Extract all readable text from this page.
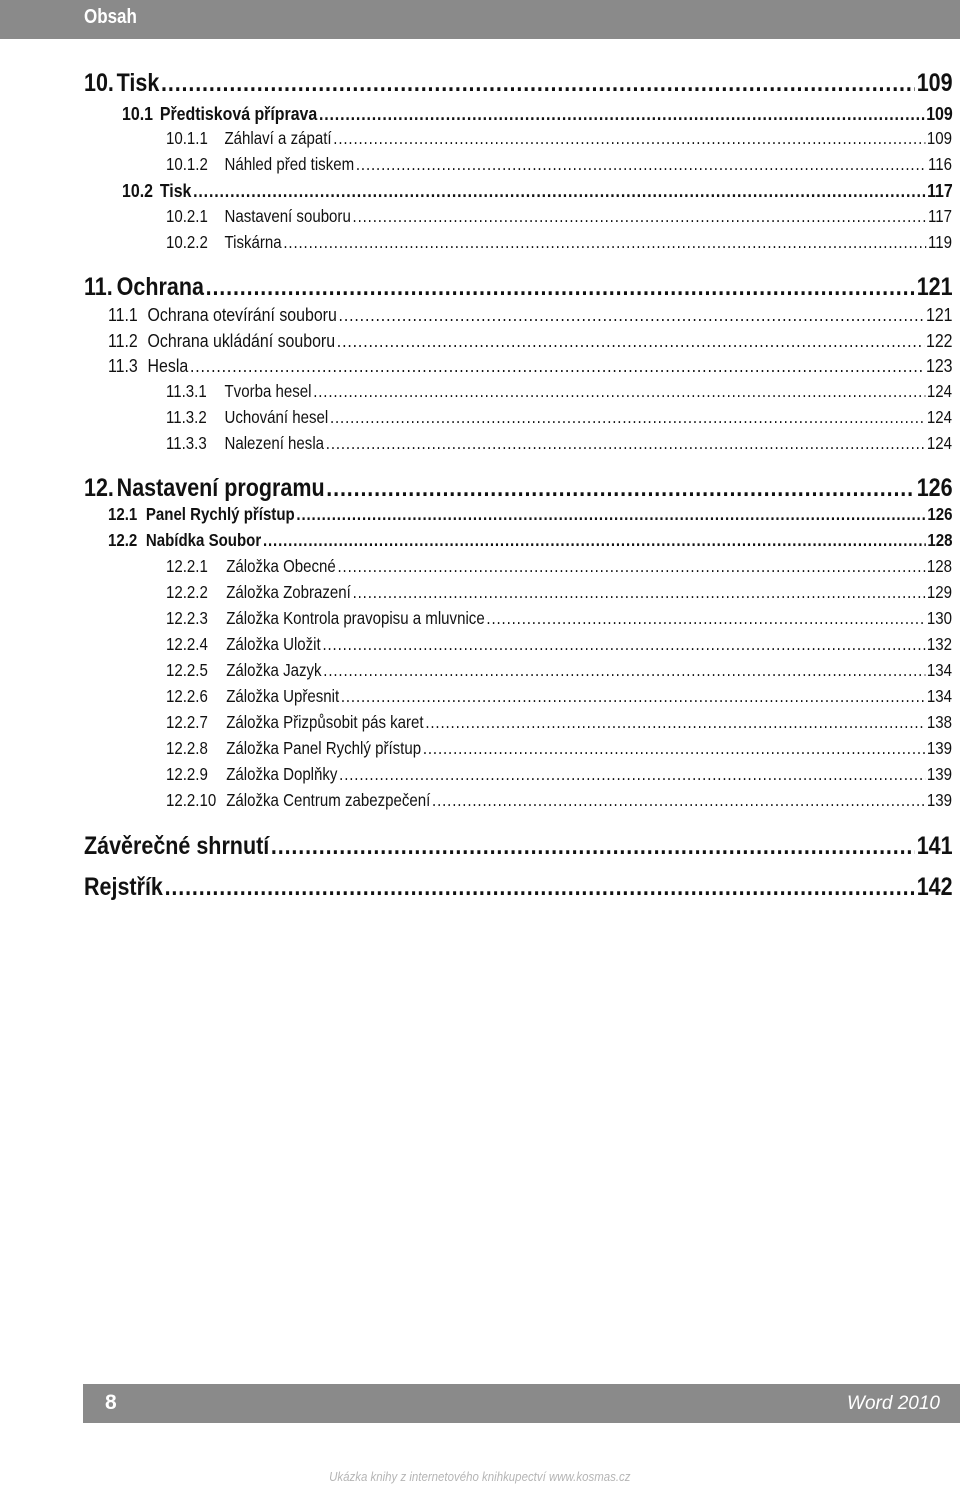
Obsah
10. Tisk .....	109
10.1 Předtisková příprava .....	109
10.1.1 Záhlaví a zápatí .....	109
10.1.2 Náhled před tiskem .....	116
10.2 Tisk .....	117
10.2.1 Nastavení souboru .....	117
10.2.2 Tiskárna .....	119
11. Ochrana .....	121
11.1 Ochrana otevírání souboru .....	121
11.2 Ochrana ukládání souboru .....	122
11.3 Hesla .....	123
11.3.1	Tvorba hesel .....	124
11.3.2	Uchování hesel .....	124
11.3.3	Nalezení hesla .....	124
12. Nastavení programu .....	126
12.1 Panel Rychlý přístup .....	126
12.2 Nabídka Soubor .....	128
12.2.1	Záložka Obecné .....	128
12.2.2	Záložka Zobrazení .....	129
12.2.3	Záložka Kontrola pravopisu a mluvnice .....	130
12.2.4	Záložka Uložit .....	132
12.2.5	Záložka Jazyk .....	134
12.2.6	Záložka Upřesnit .....	134
12.2.7	Záložka Přizpůsobit pás karet .....	138
12.2.8	Záložka Panel Rychlý přístup .....	139
12.2.9	Záložka Doplňky .....	139
12.2.10 Záložka Centrum zabezpečení .....	139
Závěrečné shrnutí .....	141
Rejstřík .....	142
8	Word 2010
Ukázka knihy z internetového knihkupectví www.kosmas.cz
